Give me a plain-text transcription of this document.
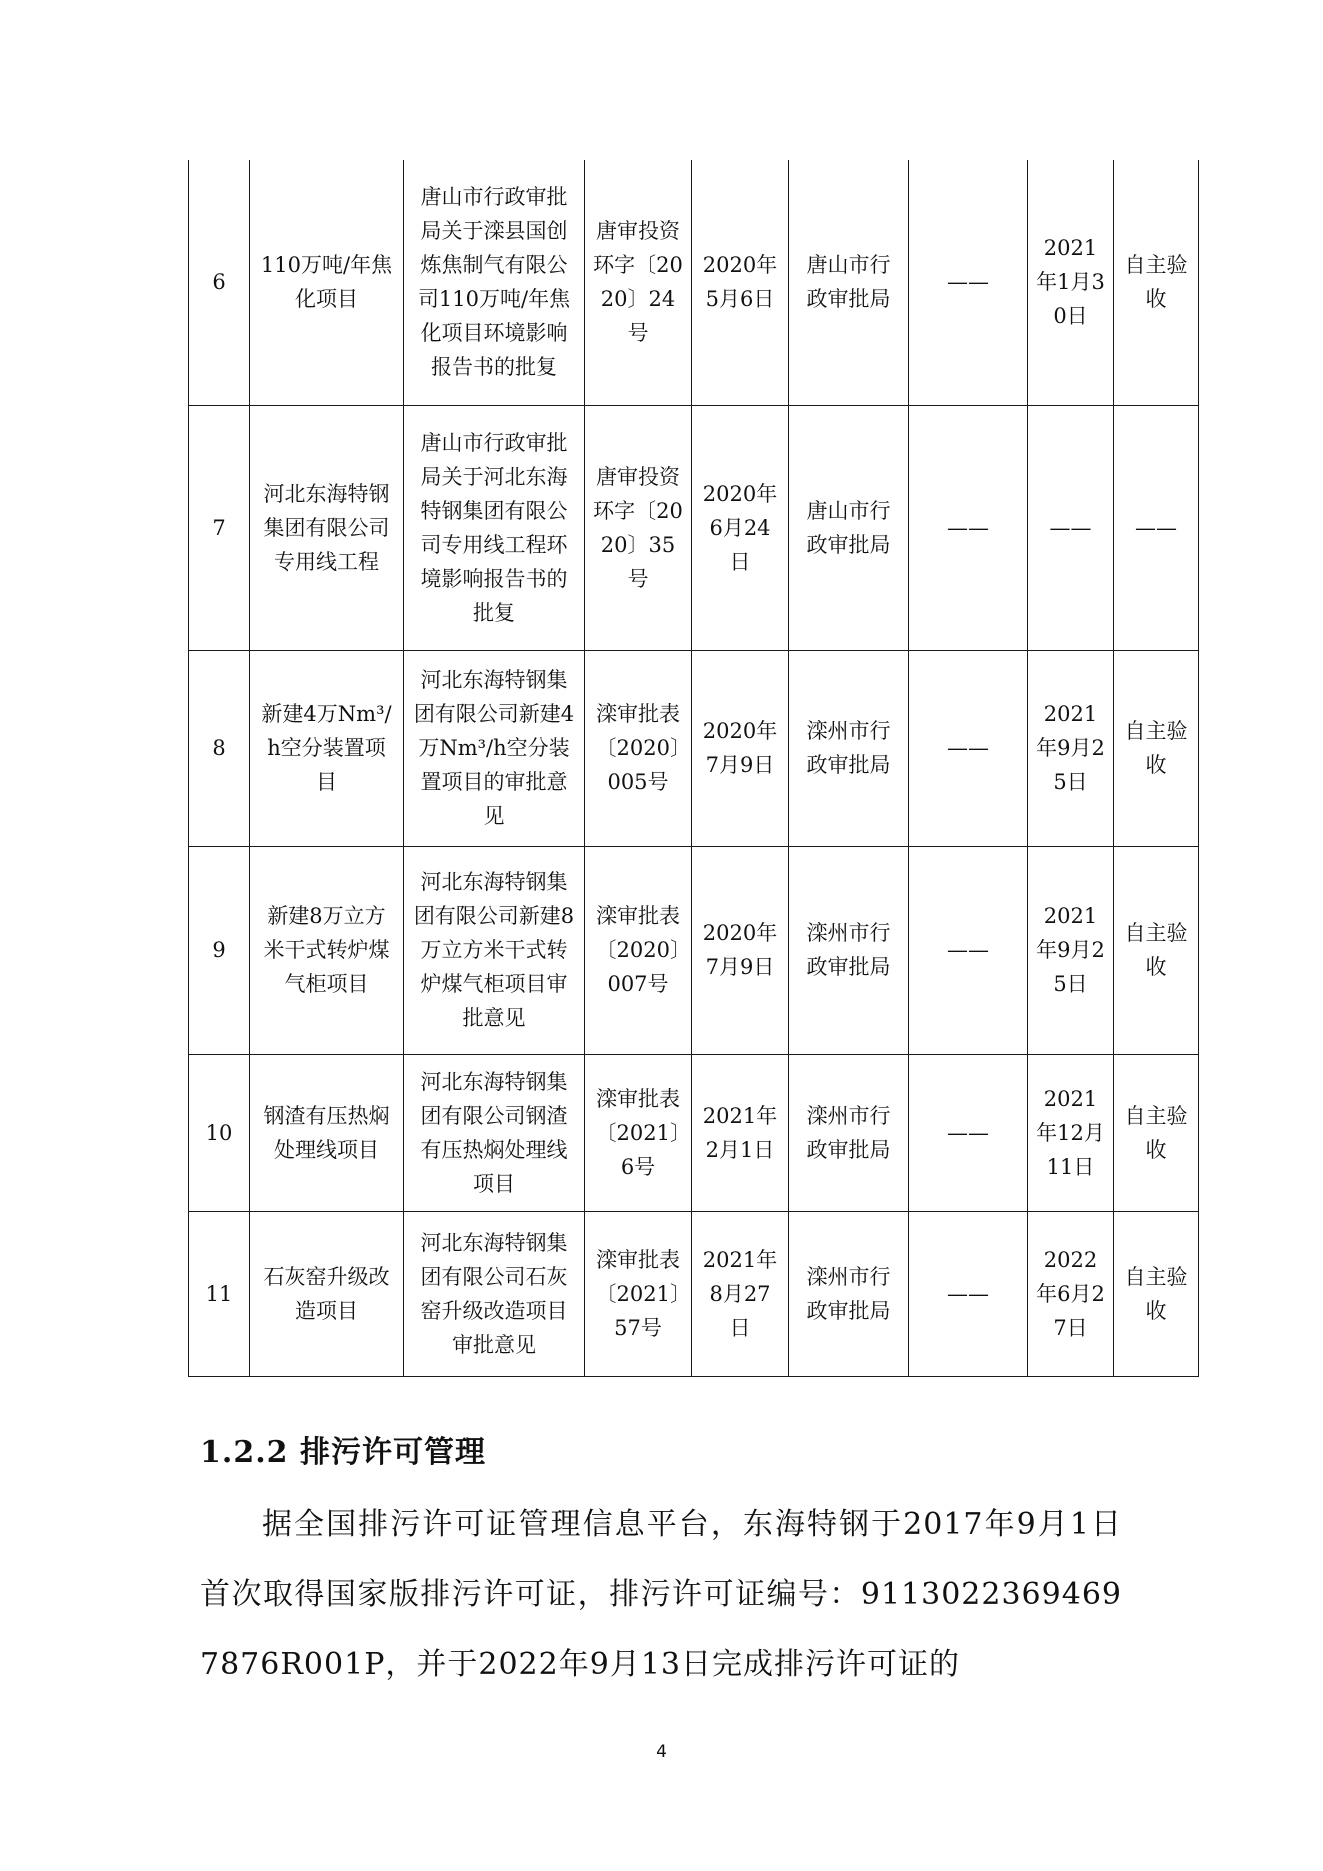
6	110万吨/年焦化项目	唐山市行政审批局关于滦县国创炼焦制气有限公司110万吨/年焦化项目环境影响报告书的批复	唐审投资环字〔2020〕24号	2020年5月6日	唐山市行政审批局	——	2021年1月30日	自主验收
7	河北东海特钢集团有限公司专用线工程	唐山市行政审批局关于河北东海特钢集团有限公司专用线工程环境影响报告书的批复	唐审投资环字〔2020〕35号	2020年6月24日	唐山市行政审批局	——	——	——
8	新建4万Nm³/h空分装置项目	河北东海特钢集团有限公司新建4万Nm³/h空分装置项目的审批意见	滦审批表〔2020〕005号	2020年7月9日	滦州市行政审批局	——	2021年9月25日	自主验收
9	新建8万立方米干式转炉煤气柜项目	河北东海特钢集团有限公司新建8万立方米干式转炉煤气柜项目审批意见	滦审批表〔2020〕007号	2020年7月9日	滦州市行政审批局	——	2021年9月25日	自主验收
10	钢渣有压热焖处理线项目	河北东海特钢集团有限公司钢渣有压热焖处理线项目	滦审批表〔2021〕6号	2021年2月1日	滦州市行政审批局	——	2021年12月11日	自主验收
11	石灰窑升级改造项目	河北东海特钢集团有限公司石灰窑升级改造项目审批意见	滦审批表〔2021〕57号	2021年8月27日	滦州市行政审批局	——	2022年6月27日	自主验收
1.2.2 排污许可管理

据全国排污许可证管理信息平台，东海特钢于2017年9月1日首次取得国家版排污许可证，排污许可证编号：91130223694697876R001P，并于2022年9月13日完成排污许可证的

4
